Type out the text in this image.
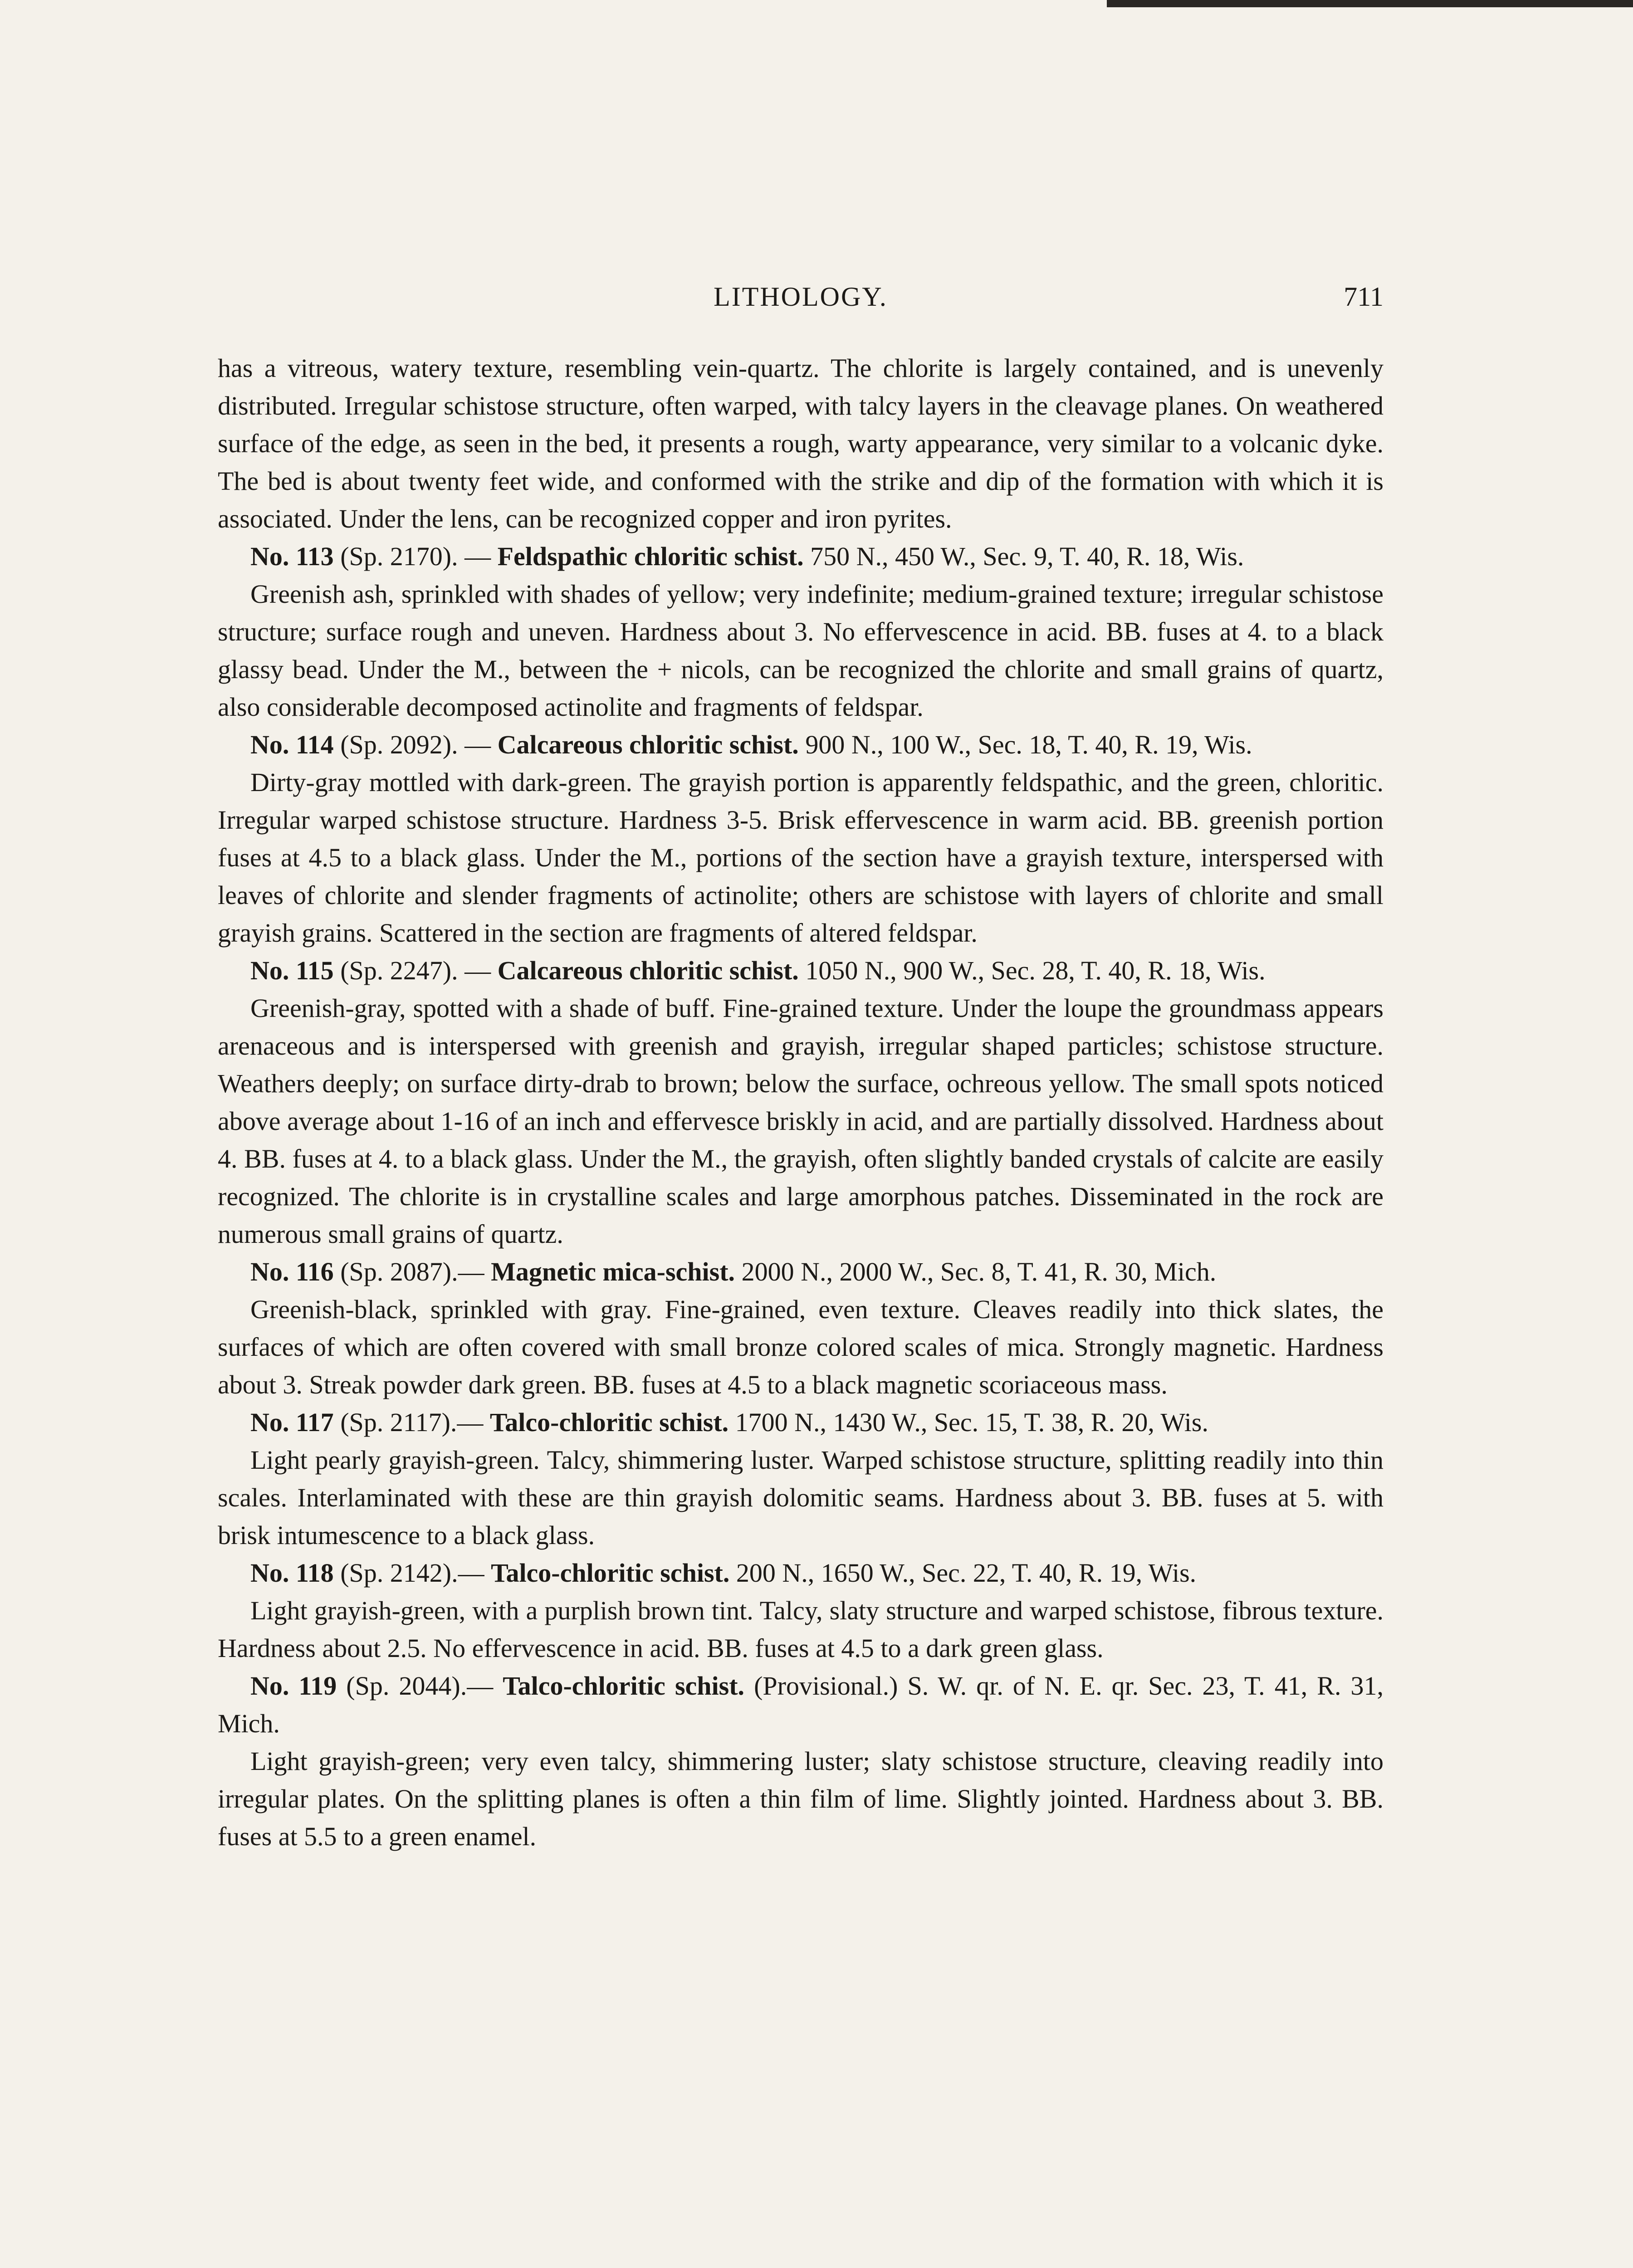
LITHOLOGY.	711

has a vitreous, watery texture, resembling vein-quartz. The chlorite is largely contained, and is unevenly distributed. Irregular schistose structure, often warped, with talcy layers in the cleavage planes. On weathered surface of the edge, as seen in the bed, it presents a rough, warty appearance, very similar to a volcanic dyke. The bed is about twenty feet wide, and conformed with the strike and dip of the formation with which it is associated. Under the lens, can be recognized copper and iron pyrites.

No. 113 (Sp. 2170). — Feldspathic chloritic schist. 750 N., 450 W., Sec. 9, T. 40, R. 18, Wis.

Greenish ash, sprinkled with shades of yellow; very indefinite; medium-grained texture; irregular schistose structure; surface rough and uneven. Hardness about 3. No effervescence in acid. BB. fuses at 4. to a black glassy bead. Under the M., between the + nicols, can be recognized the chlorite and small grains of quartz, also considerable decomposed actinolite and fragments of feldspar.

No. 114 (Sp. 2092). — Calcareous chloritic schist. 900 N., 100 W., Sec. 18, T. 40, R. 19, Wis.

Dirty-gray mottled with dark-green. The grayish portion is apparently feldspathic, and the green, chloritic. Irregular warped schistose structure. Hardness 3-5. Brisk effervescence in warm acid. BB. greenish portion fuses at 4.5 to a black glass. Under the M., portions of the section have a grayish texture, interspersed with leaves of chlorite and slender fragments of actinolite; others are schistose with layers of chlorite and small grayish grains. Scattered in the section are fragments of altered feldspar.

No. 115 (Sp. 2247). — Calcareous chloritic schist. 1050 N., 900 W., Sec. 28, T. 40, R. 18, Wis.

Greenish-gray, spotted with a shade of buff. Fine-grained texture. Under the loupe the groundmass appears arenaceous and is interspersed with greenish and grayish, irregular shaped particles; schistose structure. Weathers deeply; on surface dirty-drab to brown; below the surface, ochreous yellow. The small spots noticed above average about 1-16 of an inch and effervesce briskly in acid, and are partially dissolved. Hardness about 4. BB. fuses at 4. to a black glass. Under the M., the grayish, often slightly banded crystals of calcite are easily recognized. The chlorite is in crystalline scales and large amorphous patches. Disseminated in the rock are numerous small grains of quartz.

No. 116 (Sp. 2087).— Magnetic mica-schist. 2000 N., 2000 W., Sec. 8, T. 41, R. 30, Mich.

Greenish-black, sprinkled with gray. Fine-grained, even texture. Cleaves readily into thick slates, the surfaces of which are often covered with small bronze colored scales of mica. Strongly magnetic. Hardness about 3. Streak powder dark green. BB. fuses at 4.5 to a black magnetic scoriaceous mass.

No. 117 (Sp. 2117).— Talco-chloritic schist. 1700 N., 1430 W., Sec. 15, T. 38, R. 20, Wis.

Light pearly grayish-green. Talcy, shimmering luster. Warped schistose structure, splitting readily into thin scales. Interlaminated with these are thin grayish dolomitic seams. Hardness about 3. BB. fuses at 5. with brisk intumescence to a black glass.

No. 118 (Sp. 2142).— Talco-chloritic schist. 200 N., 1650 W., Sec. 22, T. 40, R. 19, Wis.

Light grayish-green, with a purplish brown tint. Talcy, slaty structure and warped schistose, fibrous texture. Hardness about 2.5. No effervescence in acid. BB. fuses at 4.5 to a dark green glass.

No. 119 (Sp. 2044).— Talco-chloritic schist. (Provisional.) S. W. qr. of N. E. qr. Sec. 23, T. 41, R. 31, Mich.

Light grayish-green; very even talcy, shimmering luster; slaty schistose structure, cleaving readily into irregular plates. On the splitting planes is often a thin film of lime. Slightly jointed. Hardness about 3. BB. fuses at 5.5 to a green enamel.
